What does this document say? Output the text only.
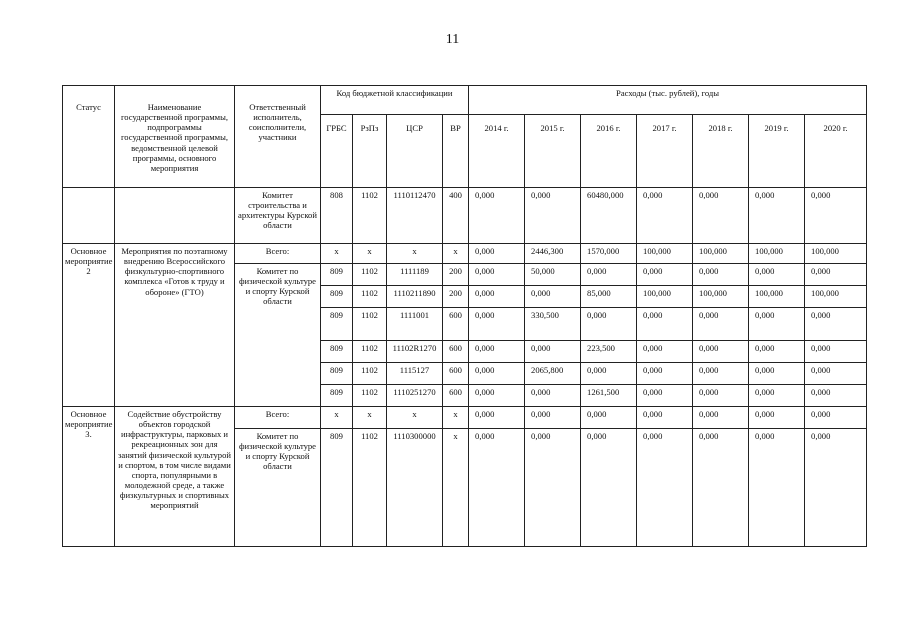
11
Статус	Наименование государственной программы, подпрограммы государственной программы, ведомственной целевой программы, основного мероприятия	Ответственный исполнитель, соисполнители, участники	Код бюджетной классификации				Расходы (тыс. рублей), годы						
			ГРБС	РзПз	ЦСР	ВР	2014 г.	2015 г.	2016 г.	2017 г.	2018 г.	2019 г.	2020 г.
		Комитет строительства и архитектуры Курской области	808	1102	1110112470	400	0,000	0,000	60480,000	0,000	0,000	0,000	0,000
Основное мероприятие 2	Мероприятия по поэтапному внедрению Всероссийского физкультурно-спортивного комплекса «Готов к труду и обороне» (ГТО)	Всего:	х	х	х	х	0,000	2446,300	1570,000	100,000	100,000	100,000	100,000
		Комитет по физической культуре и спорту Курской области	809	1102	1111189	200	0,000	50,000	0,000	0,000	0,000	0,000	0,000
			809	1102	1110211890	200	0,000	0,000	85,000	100,000	100,000	100,000	100,000
			809	1102	1111001	600	0,000	330,500	0,000	0,000	0,000	0,000	0,000
			809	1102	11102R1270	600	0,000	0,000	223,500	0,000	0,000	0,000	0,000
			809	1102	1115127	600	0,000	2065,800	0,000	0,000	0,000	0,000	0,000
			809	1102	1110251270	600	0,000	0,000	1261,500	0,000	0,000	0,000	0,000
Основное мероприятие 3.	Содействие обустройству объектов городской инфраструктуры, парковых и рекреационных зон для занятий физической культурой и спортом, в том числе видами спорта, популярными в молодежной среде, а также физкультурных и спортивных мероприятий	Всего:	х	х	х	х	0,000	0,000	0,000	0,000	0,000	0,000	0,000
		Комитет по физической культуре и спорту Курской области	809	1102	1110300000	х	0,000	0,000	0,000	0,000	0,000	0,000	0,000
